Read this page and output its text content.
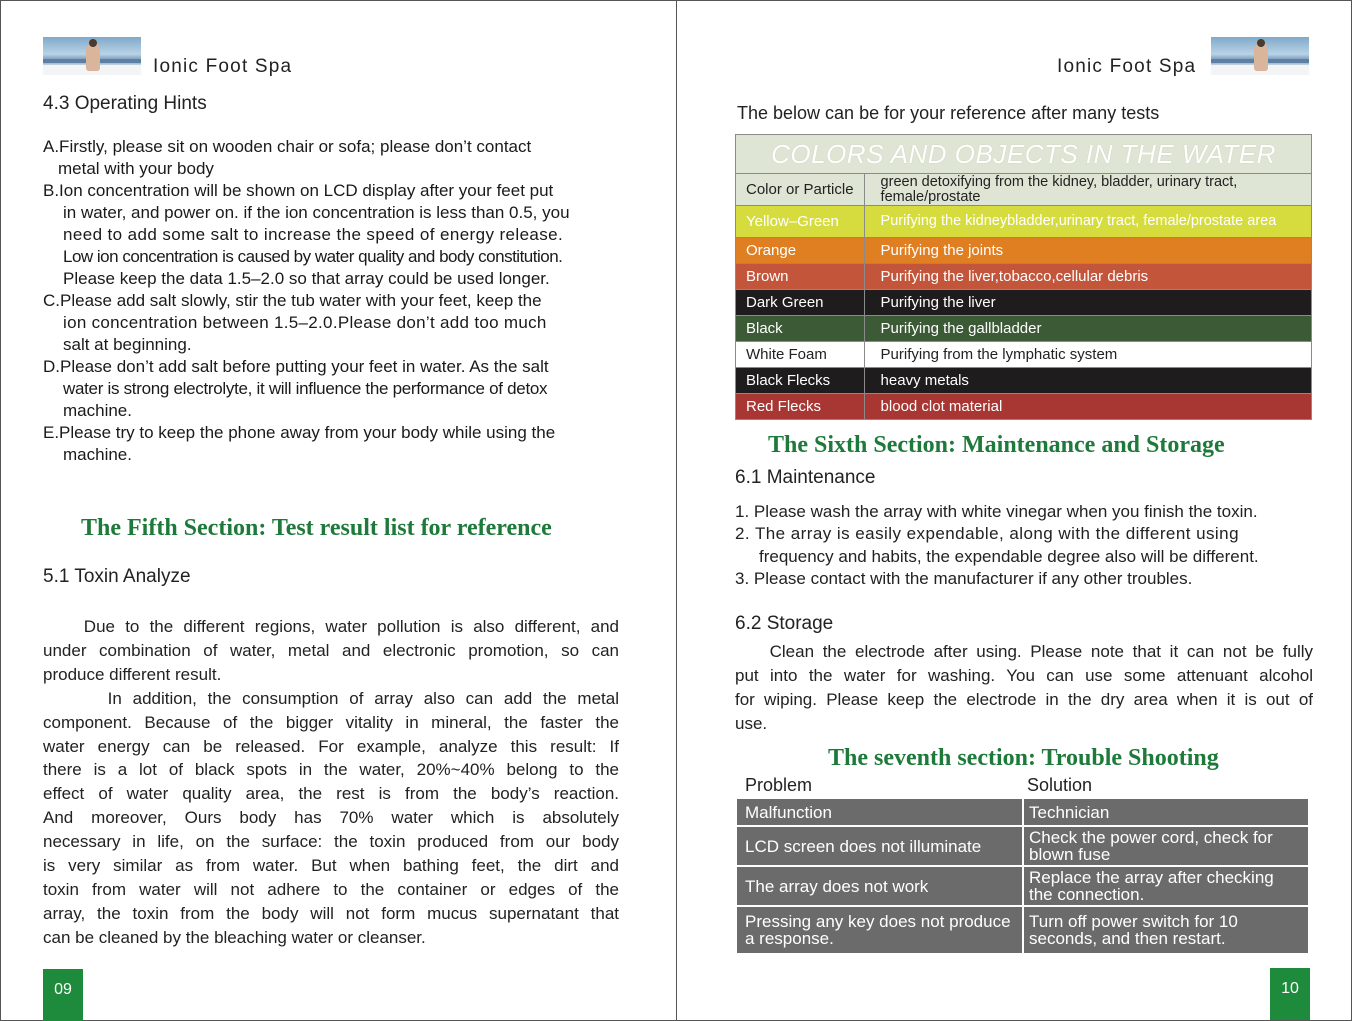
Ionic Foot Spa
4.3 Operating Hints
A.Firstly, please sit on wooden chair or sofa; please don’t contact
metal with your body
B.Ion concentration will be shown on LCD display after your feet put
in water, and power on. if the ion concentration is less than 0.5, you
need to add some salt to increase the speed of energy release.
Low ion concentration is caused by water quality and body constitution.
Please keep the data 1.5–2.0 so that array could be used longer.
C.Please add salt slowly, stir the tub water with your feet, keep the
ion concentration between 1.5–2.0.Please don’t add too much
salt at beginning.
D.Please don’t add salt before putting your feet in water. As the salt
water is strong electrolyte, it will influence the performance of detox
machine.
E.Please try to keep the phone away from your body while using the
machine.
The Fifth Section: Test result list for reference
5.1 Toxin Analyze
Due to the different regions, water pollution is also different, and
under combination of water, metal and electronic promotion, so can
produce different result.
In addition, the consumption of array also can add the metal
component. Because of the bigger vitality in mineral, the faster the
water energy can be released. For example, analyze this result: If
there is a lot of black spots in the water, 20%~40% belong to the
effect of water quality area, the rest is from the body’s reaction.
And moreover, Ours body has 70% water which is absolutely
necessary in life, on the surface: the toxin produced from our body
is very similar as from water. But when bathing feet, the dirt and
toxin from water will not adhere to the container or edges of the
array, the toxin from the body will not form mucus supernatant that
can be cleaned by the bleaching water or cleanser.
09
Ionic Foot Spa
The below can be for your reference after many tests
COLORS AND OBJECTS IN THE WATER	
Color or Particle	green detoxifying from the kidney, bladder, urinary tract, female/prostate
Yellow–Green	Purifying the kidneybladder,urinary tract, female/prostate area
Orange	Purifying the joints
Brown	Purifying the liver,tobacco,cellular debris
Dark Green	Purifying the liver
Black	Purifying the gallbladder
White Foam	Purifying from the lymphatic system
Black Flecks	heavy metals
Red Flecks	blood clot material
The Sixth Section: Maintenance and Storage
6.1 Maintenance
1. Please wash the array with white vinegar when you finish the toxin.
2. The array is easily expendable, along with the different using
frequency and habits, the expendable degree also will be different.
3. Please contact with the manufacturer if any other troubles.
6.2 Storage
Clean the electrode after using. Please note that it can not be fully
put into the water for washing. You can use some attenuant alcohol
for wiping. Please keep the electrode in the dry area when it is out of
use.
The seventh section: Trouble Shooting
Problem	Solution
Malfunction	Technician
LCD screen does not illuminate	Check the power cord, check for blown fuse
The array does not work	Replace the array after checking the connection.
Pressing any key does not produce a response.	Turn off power switch for 10 seconds, and then restart.
10
